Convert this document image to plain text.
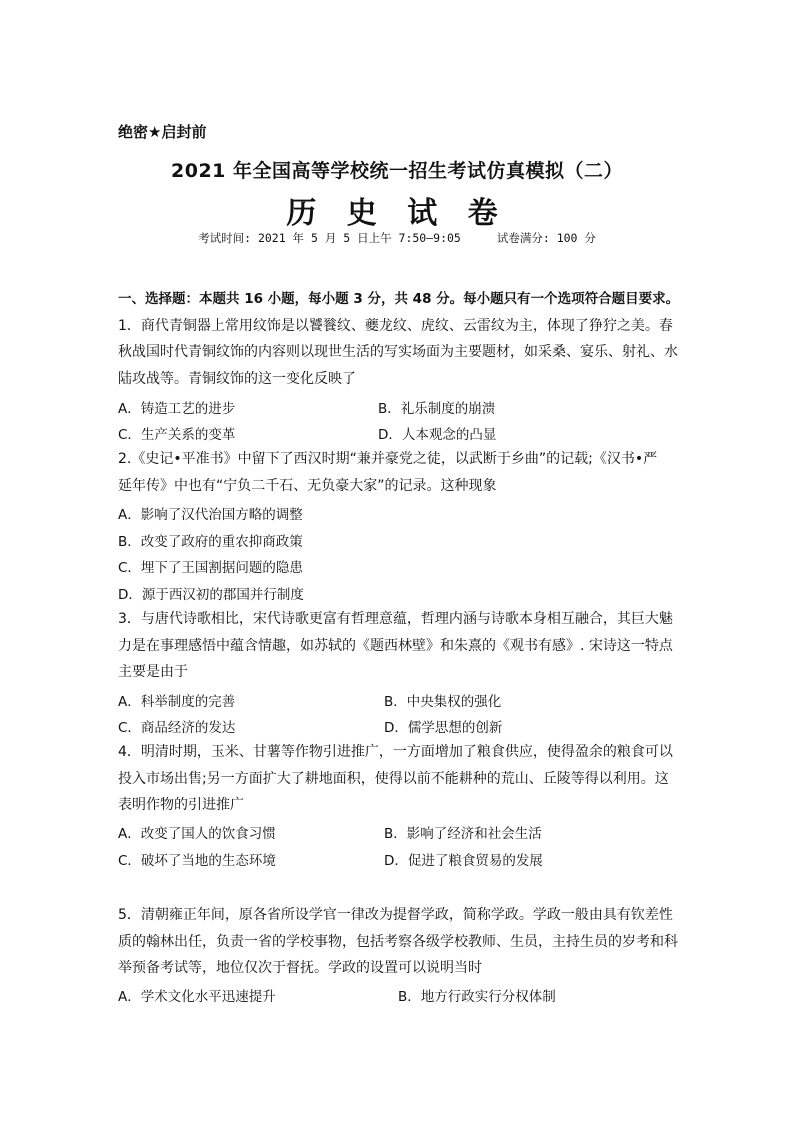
绝密★启封前
2021 年全国高等学校统一招生考试仿真模拟（二）
历 史 试 卷
考试时间: 2021 年 5 月 5 日上午 7:50—9:05	试卷满分: 100 分
一、选择题：本题共 16 小题，每小题 3 分，共 48 分。每小题只有一个选项符合题目要求。
1．商代青铜器上常用纹饰是以饕餮纹、夔龙纹、虎纹、云雷纹为主，体现了狰狞之美。春
秋战国时代青铜纹饰的内容则以现世生活的写实场面为主要题材，如采桑、宴乐、射礼、水
陆攻战等。青铜纹饰的这一变化反映了
A．铸造工艺的进步	B．礼乐制度的崩溃
C．生产关系的变革	D．人本观念的凸显
2.《史记•平准书》中留下了西汉时期“兼并豪党之徒，以武断于乡曲”的记载;《汉书•严
延年传》中也有“宁负二千石、无负豪大家”的记录。这种现象
A．影响了汉代治国方略的调整
B．改变了政府的重农抑商政策
C．埋下了王国割据问题的隐患
D．源于西汉初的郡国并行制度
3．与唐代诗歌相比，宋代诗歌更富有哲理意蕴，哲理内涵与诗歌本身相互融合，其巨大魅
力是在事理感悟中蕴含情趣，如苏轼的《题西林壁》和朱熹的《观书有感》. 宋诗这一特点
主要是由于
A．科举制度的完善	B．中央集权的强化
C．商品经济的发达	D．儒学思想的创新
4．明清时期，玉米、甘薯等作物引进推广，一方面增加了粮食供应，使得盈余的粮食可以
投入市场出售;另一方面扩大了耕地面积，使得以前不能耕种的荒山、丘陵等得以利用。这
表明作物的引进推广
A．改变了国人的饮食习惯	B．影响了经济和社会生活
C．破坏了当地的生态环境	D．促进了粮食贸易的发展
5．清朝雍正年间，原各省所设学官一律改为提督学政，简称学政。学政一般由具有钦差性
质的翰林出任，负责一省的学校事物，包括考察各级学校教师、生员，主持生员的岁考和科
举预备考试等，地位仅次于督抚。学政的设置可以说明当时
A．学术文化水平迅速提升	B．地方行政实行分权体制
